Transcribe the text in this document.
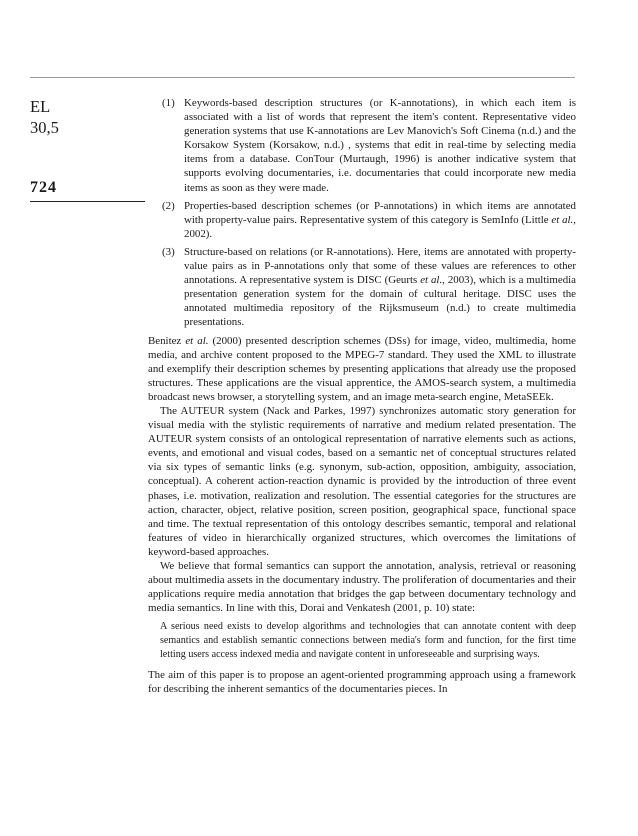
EL
30,5
724
(1) Keywords-based description structures (or K-annotations), in which each item is associated with a list of words that represent the item's content. Representative video generation systems that use K-annotations are Lev Manovich's Soft Cinema (n.d.) and the Korsakow System (Korsakow, n.d.) , systems that edit in real-time by selecting media items from a database. ConTour (Murtaugh, 1996) is another indicative system that supports evolving documentaries, i.e. documentaries that could incorporate new media items as soon as they were made.
(2) Properties-based description schemes (or P-annotations) in which items are annotated with property-value pairs. Representative system of this category is SemInfo (Little et al., 2002).
(3) Structure-based on relations (or R-annotations). Here, items are annotated with property-value pairs as in P-annotations only that some of these values are references to other annotations. A representative system is DISC (Geurts et al., 2003), which is a multimedia presentation generation system for the domain of cultural heritage. DISC uses the annotated multimedia repository of the Rijksmuseum (n.d.) to create multimedia presentations.

Benitez et al. (2000) presented description schemes (DSs) for image, video, multimedia, home media, and archive content proposed to the MPEG-7 standard. They used the XML to illustrate and exemplify their description schemes by presenting applications that already use the proposed structures. These applications are the visual apprentice, the AMOS-search system, a multimedia broadcast news browser, a storytelling system, and an image meta-search engine, MetaSEEk.

The AUTEUR system (Nack and Parkes, 1997) synchronizes automatic story generation for visual media with the stylistic requirements of narrative and medium related presentation. The AUTEUR system consists of an ontological representation of narrative elements such as actions, events, and emotional and visual codes, based on a semantic net of conceptual structures related via six types of semantic links (e.g. synonym, sub-action, opposition, ambiguity, association, conceptual). A coherent action-reaction dynamic is provided by the introduction of three event phases, i.e. motivation, realization and resolution. The essential categories for the structures are action, character, object, relative position, screen position, geographical space, functional space and time. The textual representation of this ontology describes semantic, temporal and relational features of video in hierarchically organized structures, which overcomes the limitations of keyword-based approaches.

We believe that formal semantics can support the annotation, analysis, retrieval or reasoning about multimedia assets in the documentary industry. The proliferation of documentaries and their applications require media annotation that bridges the gap between documentary technology and media semantics. In line with this, Dorai and Venkatesh (2001, p. 10) state:

A serious need exists to develop algorithms and technologies that can annotate content with deep semantics and establish semantic connections between media's form and function, for the first time letting users access indexed media and navigate content in unforeseeable and surprising ways.

The aim of this paper is to propose an agent-oriented programming approach using a framework for describing the inherent semantics of the documentaries pieces. In
